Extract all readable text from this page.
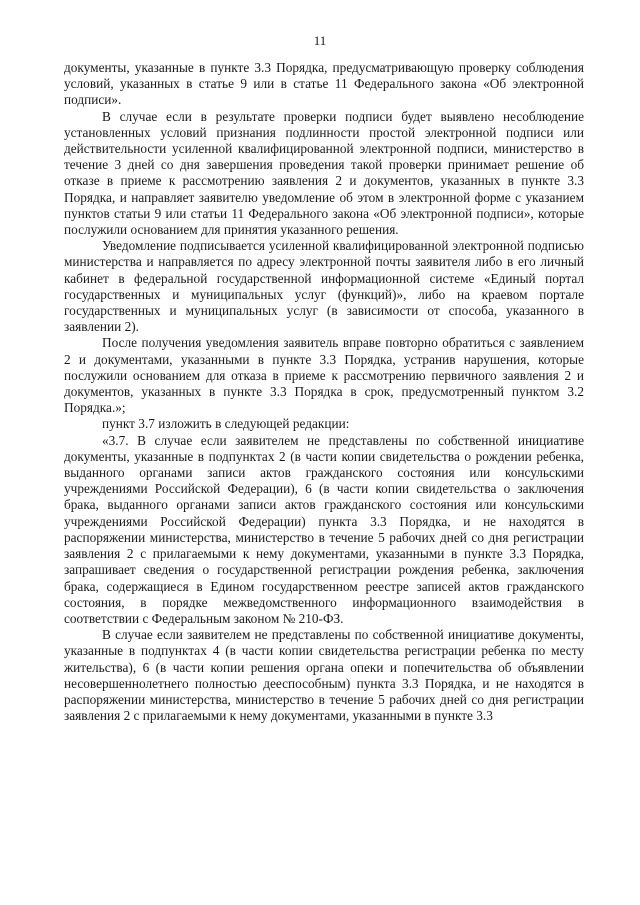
11

документы, указанные в пункте 3.3 Порядка, предусматривающую проверку соблюдения условий, указанных в статье 9 или в статье 11 Федерального закона «Об электронной подписи».

В случае если в результате проверки подписи будет выявлено несоблюдение установленных условий признания подлинности простой электронной подписи или действительности усиленной квалифицированной электронной подписи, министерство в течение 3 дней со дня завершения проведения такой проверки принимает решение об отказе в приеме к рассмотрению заявления 2 и документов, указанных в пункте 3.3 Порядка, и направляет заявителю уведомление об этом в электронной форме с указанием пунктов статьи 9 или статьи 11 Федерального закона «Об электронной подписи», которые послужили основанием для принятия указанного решения.

Уведомление подписывается усиленной квалифицированной электронной подписью министерства и направляется по адресу электронной почты заявителя либо в его личный кабинет в федеральной государственной информационной системе «Единый портал государственных и муниципальных услуг (функций)», либо на краевом портале государственных и муниципальных услуг (в зависимости от способа, указанного в заявлении 2).

После получения уведомления заявитель вправе повторно обратиться с заявлением 2 и документами, указанными в пункте 3.3 Порядка, устранив нарушения, которые послужили основанием для отказа в приеме к рассмотрению первичного заявления 2 и документов, указанных в пункте 3.3 Порядка в срок, предусмотренный пунктом 3.2 Порядка.»;

пункт 3.7 изложить в следующей редакции:

«3.7. В случае если заявителем не представлены по собственной инициативе документы, указанные в подпунктах 2 (в части копии свидетельства о рождении ребенка, выданного органами записи актов гражданского состояния или консульскими учреждениями Российской Федерации), 6 (в части копии свидетельства о заключения брака, выданного органами записи актов гражданского состояния или консульскими учреждениями Российской Федерации) пункта 3.3 Порядка, и не находятся в распоряжении министерства, министерство в течение 5 рабочих дней со дня регистрации заявления 2 с прилагаемыми к нему документами, указанными в пункте 3.3 Порядка, запрашивает сведения о государственной регистрации рождения ребенка, заключения брака, содержащиеся в Едином государственном реестре записей актов гражданского состояния, в порядке межведомственного информационного взаимодействия в соответствии с Федеральным законом № 210-ФЗ.

В случае если заявителем не представлены по собственной инициативе документы, указанные в подпунктах 4 (в части копии свидетельства регистрации ребенка по месту жительства), 6 (в части копии решения органа опеки и попечительства об объявлении несовершеннолетнего полностью дееспособным) пункта 3.3 Порядка, и не находятся в распоряжении министерства, министерство в течение 5 рабочих дней со дня регистрации заявления 2 с прилагаемыми к нему документами, указанными в пункте 3.3
